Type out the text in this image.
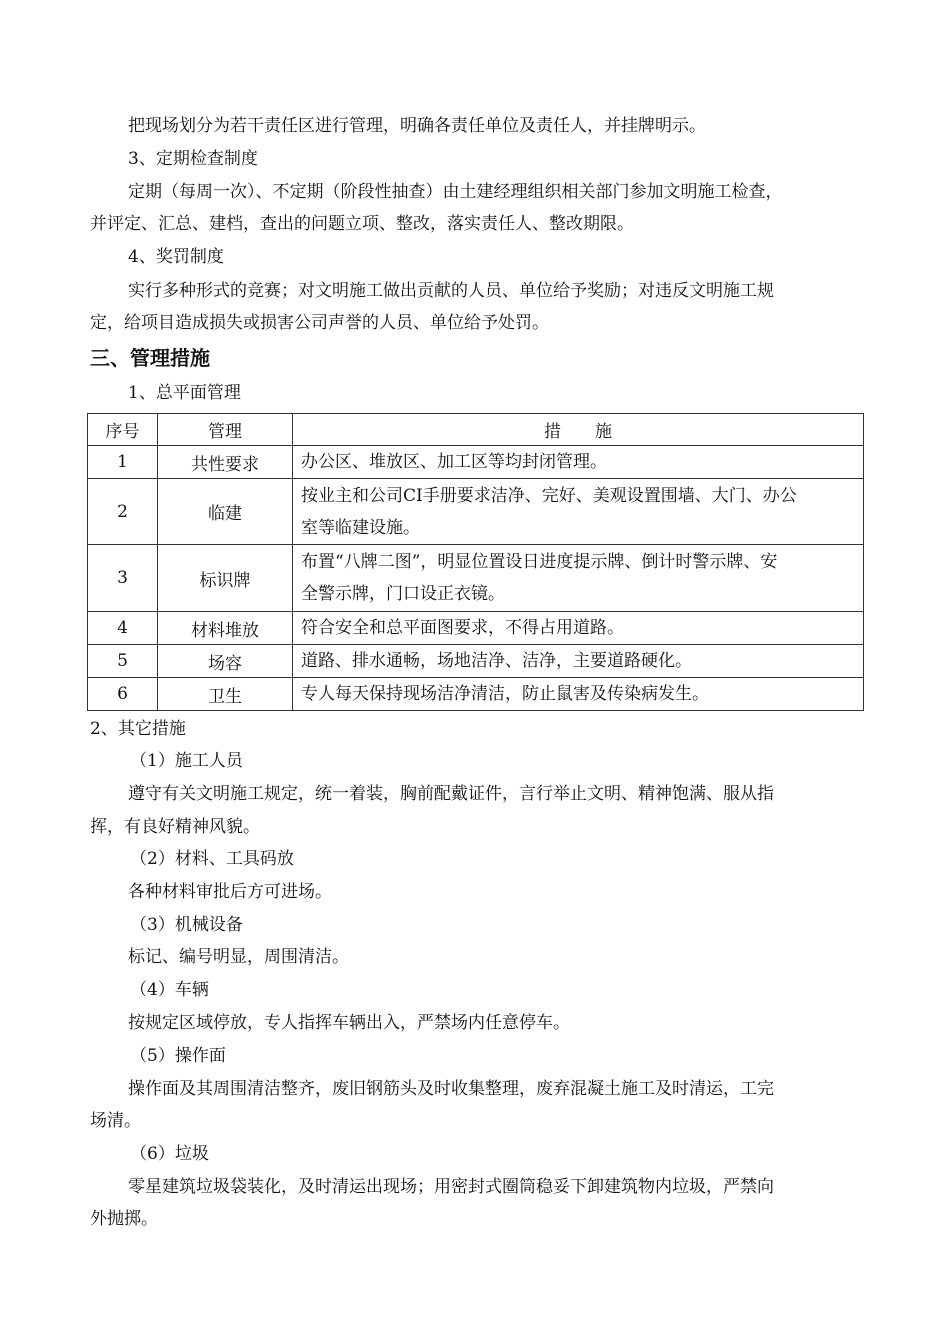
把现场划分为若干责任区进行管理，明确各责任单位及责任人，并挂牌明示。
3、定期检查制度
定期（每周一次）、不定期（阶段性抽查）由土建经理组织相关部门参加文明施工检查，
并评定、汇总、建档，查出的问题立项、整改，落实责任人、整改期限。
4、奖罚制度
实行多种形式的竞赛；对文明施工做出贡献的人员、单位给予奖励；对违反文明施工规
定，给项目造成损失或损害公司声誉的人员、单位给予处罚。
三、管理措施
1、总平面管理
序号	管理	措　　施
1	共性要求	办公区、堆放区、加工区等均封闭管理。
2	临建	按业主和公司CI手册要求洁净、完好、美观设置围墙、大门、办公
室等临建设施。
3	标识牌	布置“八牌二图”，明显位置设日进度提示牌、倒计时警示牌、安
全警示牌，门口设正衣镜。
4	材料堆放	符合安全和总平面图要求，不得占用道路。
5	场容	道路、排水通畅，场地洁净、洁净，主要道路硬化。
6	卫生	专人每天保持现场洁净清洁，防止鼠害及传染病发生。
2、其它措施
（1）施工人员
遵守有关文明施工规定，统一着装，胸前配戴证件，言行举止文明、精神饱满、服从指
挥，有良好精神风貌。
（2）材料、工具码放
各种材料审批后方可进场。
（3）机械设备
标记、编号明显，周围清洁。
（4）车辆
按规定区域停放，专人指挥车辆出入，严禁场内任意停车。
（5）操作面
操作面及其周围清洁整齐，废旧钢筋头及时收集整理，废弃混凝土施工及时清运，工完
场清。
（6）垃圾
零星建筑垃圾袋装化，及时清运出现场；用密封式圈筒稳妥下卸建筑物内垃圾，严禁向
外抛掷。
